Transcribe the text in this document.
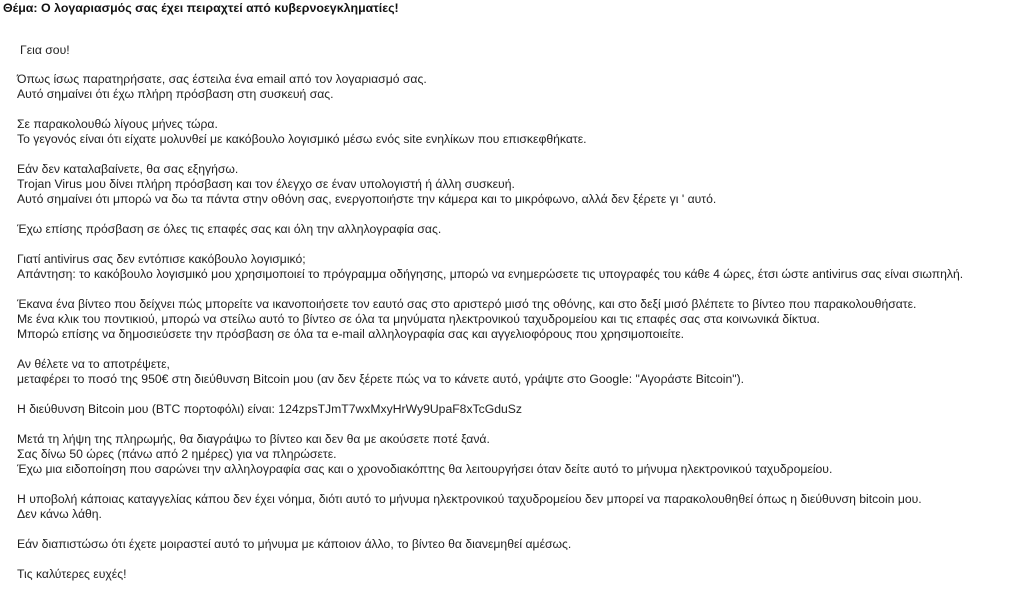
Θέμα: Ο λογαριασμός σας έχει πειραχτεί από κυβερνοεγκληματίες!
Γεια σου!
Όπως ίσως παρατηρήσατε, σας έστειλα ένα email από τον λογαριασμό σας.
Αυτό σημαίνει ότι έχω πλήρη πρόσβαση στη συσκευή σας.
Σε παρακολουθώ λίγους μήνες τώρα.
Το γεγονός είναι ότι είχατε μολυνθεί με κακόβουλο λογισμικό μέσω ενός site ενηλίκων που επισκεφθήκατε.
Εάν δεν καταλαβαίνετε, θα σας εξηγήσω.
Trojan Virus μου δίνει πλήρη πρόσβαση και τον έλεγχο σε έναν υπολογιστή ή άλλη συσκευή.
Αυτό σημαίνει ότι μπορώ να δω τα πάντα στην οθόνη σας, ενεργοποιήστε την κάμερα και το μικρόφωνο, αλλά δεν ξέρετε γι ' αυτό.
Έχω επίσης πρόσβαση σε όλες τις επαφές σας και όλη την αλληλογραφία σας.
Γιατί antivirus σας δεν εντόπισε κακόβουλο λογισμικό;
Απάντηση: το κακόβουλο λογισμικό μου χρησιμοποιεί το πρόγραμμα οδήγησης, μπορώ να ενημερώσετε τις υπογραφές του κάθε 4 ώρες, έτσι ώστε antivirus σας είναι σιωπηλή.
Έκανα ένα βίντεο που δείχνει πώς μπορείτε να ικανοποιήσετε τον εαυτό σας στο αριστερό μισό της οθόνης, και στο δεξί μισό βλέπετε το βίντεο που παρακολουθήσατε.
Με ένα κλικ του ποντικιού, μπορώ να στείλω αυτό το βίντεο σε όλα τα μηνύματα ηλεκτρονικού ταχυδρομείου και τις επαφές σας στα κοινωνικά δίκτυα.
Μπορώ επίσης να δημοσιεύσετε την πρόσβαση σε όλα τα e-mail αλληλογραφία σας και αγγελιοφόρους που χρησιμοποιείτε.
Αν θέλετε να το αποτρέψετε,
μεταφέρει το ποσό της 950€ στη διεύθυνση Bitcoin μου (αν δεν ξέρετε πώς να το κάνετε αυτό, γράψτε στο Google: "Αγοράστε Bitcoin").
Η διεύθυνση Bitcoin μου (BTC πορτοφόλι) είναι: 124zpsTJmT7wxMxyHrWy9UpaF8xTcGduSz
Μετά τη λήψη της πληρωμής, θα διαγράψω το βίντεο και δεν θα με ακούσετε ποτέ ξανά.
Σας δίνω 50 ώρες (πάνω από 2 ημέρες) για να πληρώσετε.
Έχω μια ειδοποίηση που σαρώνει την αλληλογραφία σας και ο χρονοδιακόπτης θα λειτουργήσει όταν δείτε αυτό το μήνυμα ηλεκτρονικού ταχυδρομείου.
Η υποβολή κάποιας καταγγελίας κάπου δεν έχει νόημα, διότι αυτό το μήνυμα ηλεκτρονικού ταχυδρομείου δεν μπορεί να παρακολουθηθεί όπως η διεύθυνση bitcoin μου.
Δεν κάνω λάθη.
Εάν διαπιστώσω ότι έχετε μοιραστεί αυτό το μήνυμα με κάποιον άλλο, το βίντεο θα διανεμηθεί αμέσως.
Τις καλύτερες ευχές!
